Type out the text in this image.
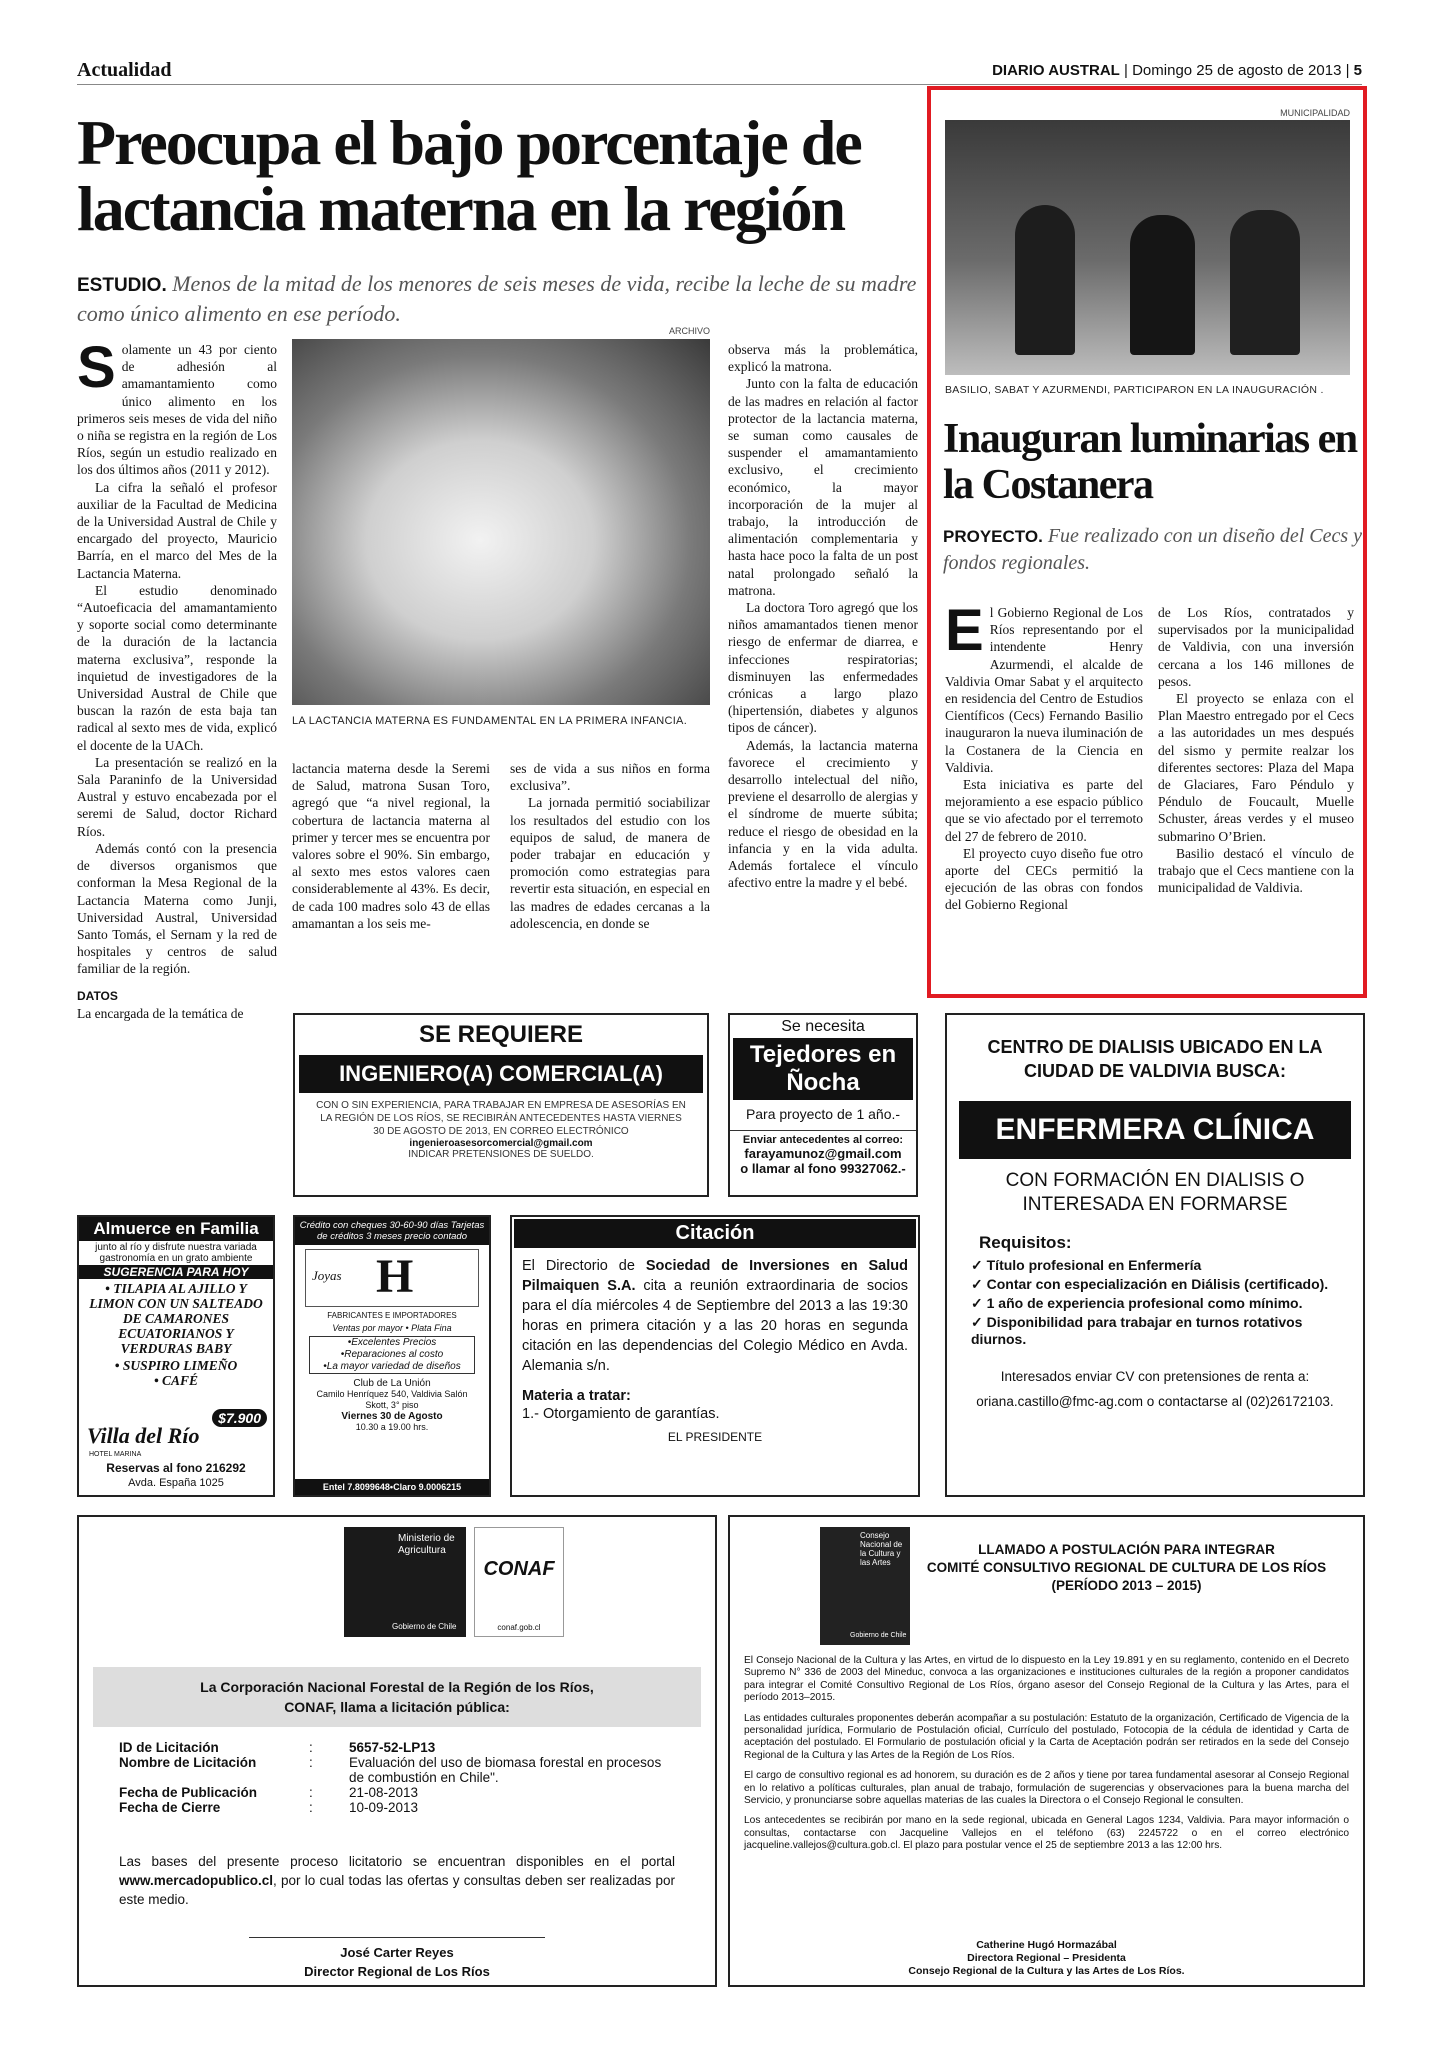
Actualidad	DIARIO AUSTRAL | Domingo 25 de agosto de 2013 | 5
Preocupa el bajo porcentaje de lactancia materna en la región
ESTUDIO. Menos de la mitad de los menores de seis meses de vida, recibe la leche de su madre como único alimento en ese período.
ARCHIVO
LA LACTANCIA MATERNA ES FUNDAMENTAL EN LA PRIMERA INFANCIA.

Solamente un 43 por ciento de adhesión al amamantamiento como único alimento en los primeros seis meses de vida del niño o niña se registra en la región de Los Ríos, según un estudio realizado en los dos últimos años (2011 y 2012).

La cifra la señaló el profesor auxiliar de la Facultad de Medicina de la Universidad Austral de Chile y encargado del proyecto, Mauricio Barría, en el marco del Mes de la Lactancia Materna.

El estudio denominado “Autoeficacia del amamantamiento y soporte social como determinante de la duración de la lactancia materna exclusiva”, responde la inquietud de investigadores de la Universidad Austral de Chile que buscan la razón de esta baja tan radical al sexto mes de vida, explicó el docente de la UACh.

La presentación se realizó en la Sala Paraninfo de la Universidad Austral y estuvo encabezada por el seremi de Salud, doctor Richard Ríos.

Además contó con la presencia de diversos organismos que conforman la Mesa Regional de la Lactancia Materna como Junji, Universidad Austral, Universidad Santo Tomás, el Sernam y la red de hospitales y centros de salud familiar de la región.

DATOS

La encargada de la temática de

lactancia materna desde la Seremi de Salud, matrona Susan Toro, agregó que “a nivel regional, la cobertura de lactancia materna al primer y tercer mes se encuentra por valores sobre el 90%. Sin embargo, al sexto mes estos valores caen considerablemente al 43%. Es decir, de cada 100 madres solo 43 de ellas amamantan a los seis me-

ses de vida a sus niños en forma exclusiva”.

La jornada permitió sociabilizar los resultados del estudio con los equipos de salud, de manera de poder trabajar en educación y promoción como estrategias para revertir esta situación, en especial en las madres de edades cercanas a la adolescencia, en donde se

observa más la problemática, explicó la matrona.

Junto con la falta de educación de las madres en relación al factor protector de la lactancia materna, se suman como causales de suspender el amamantamiento exclusivo, el crecimiento económico, la mayor incorporación de la mujer al trabajo, la introducción de alimentación complementaria y hasta hace poco la falta de un post natal prolongado señaló la matrona.

La doctora Toro agregó que los niños amamantados tienen menor riesgo de enfermar de diarrea, e infecciones respiratorias; disminuyen las enfermedades crónicas a largo plazo (hipertensión, diabetes y algunos tipos de cáncer).

Además, la lactancia materna favorece el crecimiento y desarrollo intelectual del niño, previene el desarrollo de alergias y el síndrome de muerte súbita; reduce el riesgo de obesidad en la infancia y en la vida adulta. Además fortalece el vínculo afectivo entre la madre y el bebé.

MUNICIPALIDAD
BASILIO, SABAT Y AZURMENDI, PARTICIPARON EN LA INAUGURACIÓN .
Inauguran luminarias en la Costanera
PROYECTO. Fue realizado con un diseño del Cecs y fondos regionales.

El Gobierno Regional de Los Ríos representando por el intendente Henry Azurmendi, el alcalde de Valdivia Omar Sabat y el arquitecto en residencia del Centro de Estudios Científicos (Cecs) Fernando Basilio inauguraron la nueva iluminación de la Costanera de la Ciencia en Valdivia.

Esta iniciativa es parte del mejoramiento a ese espacio público que se vio afectado por el terremoto del 27 de febrero de 2010.

El proyecto cuyo diseño fue otro aporte del CECs permitió la ejecución de las obras con fondos del Gobierno Regional

de Los Ríos, contratados y supervisados por la municipalidad de Valdivia, con una inversión cercana a los 146 millones de pesos.

El proyecto se enlaza con el Plan Maestro entregado por el Cecs a las autoridades un mes después del sismo y permite realzar los diferentes sectores: Plaza del Mapa de Glaciares, Faro Péndulo y Péndulo de Foucault, Muelle Schuster, áreas verdes y el museo submarino O’Brien.

Basilio destacó el vínculo de trabajo que el Cecs mantiene con la municipalidad de Valdivia.

SE REQUIERE
INGENIERO(A) COMERCIAL(A)
CON O SIN EXPERIENCIA, PARA TRABAJAR EN EMPRESA DE ASESORÍAS EN LA REGIÓN DE LOS RÍOS, SE RECIBIRÁN ANTECEDENTES HASTA VIERNES 30 DE AGOSTO DE 2013, EN CORREO ELECTRÓNICO
ingenieroasesorcomercial@gmail.com
INDICAR PRETENSIONES DE SUELDO.
Se necesita
Tejedores en Ñocha
Para proyecto de 1 año.-
Enviar antecedentes al correo:
farayamunoz@gmail.com
o llamar al fono 99327062.-
CENTRO DE DIALISIS UBICADO EN LA CIUDAD DE VALDIVIA BUSCA:
ENFERMERA CLÍNICA
CON FORMACIÓN EN DIALISIS O INTERESADA EN FORMARSE
Requisitos:
✓ Título profesional en Enfermería
✓ Contar con especialización en Diálisis (certificado).
✓ 1 año de experiencia profesional como mínimo.
✓ Disponibilidad para trabajar en turnos rotativos diurnos.
Interesados enviar CV con pretensiones de renta a:
oriana.castillo@fmc-ag.com o contactarse al (02)26172103.
Almuerce en Familia
junto al río y disfrute nuestra variada gastronomía en un grato ambiente
SUGERENCIA PARA HOY
• TILAPIA AL AJILLO Y LIMON CON UN SALTEADO DE CAMARONES ECUATORIANOS Y VERDURAS BABY
• SUSPIRO LIMEÑO
• CAFÉ
$7.900
Villa del Río
HOTEL MARINA
Reservas al fono 216292
Avda. España 1025
Crédito con cheques 30-60-90 días Tarjetas de créditos 3 meses precio contado
Joyas H
FABRICANTES E IMPORTADORES
Ventas por mayor • Plata Fina
•Excelentes Precios
•Reparaciones al costo
•La mayor variedad de diseños
Club de La Unión
Camilo Henríquez 540, Valdivia Salón Skott, 3° piso
Viernes 30 de Agosto
10.30 a 19.00 hrs.
Entel 7.8099648•Claro 9.0006215
Citación
El Directorio de Sociedad de Inversiones en Salud Pilmaiquen S.A. cita a reunión extraordinaria de socios para el día miércoles 4 de Septiembre del 2013 a las 19:30 horas en primera citación y a las 20 horas en segunda citación en las dependencias del Colegio Médico en Avda. Alemania s/n.
Materia a tratar:
1.- Otorgamiento de garantías.
EL PRESIDENTE
Ministerio de Agricultura
Gobierno de Chile
CONAF
conaf.gob.cl
La Corporación Nacional Forestal de la Región de los Ríos, CONAF, llama a licitación pública:
ID de Licitación	:	5657-52-LP13
Nombre de Licitación	:	Evaluación del uso de biomasa forestal en procesos de combustión en Chile".
Fecha de Publicación	:	21-08-2013
Fecha de Cierre	:	10-09-2013
Las bases del presente proceso licitatorio se encuentran disponibles en el portal www.mercadopublico.cl, por lo cual todas las ofertas y consultas deben ser realizadas por este medio.
José Carter Reyes
Director Regional de Los Ríos
Consejo Nacional de la Cultura y las Artes
Gobierno de Chile
LLAMADO A POSTULACIÓN PARA INTEGRAR
COMITÉ CONSULTIVO REGIONAL DE CULTURA DE LOS RÍOS
(PERÍODO 2013 – 2015)

El Consejo Nacional de la Cultura y las Artes, en virtud de lo dispuesto en la Ley 19.891 y en su reglamento, contenido en el Decreto Supremo N° 336 de 2003 del Mineduc, convoca a las organizaciones e instituciones culturales de la región a proponer candidatos para integrar el Comité Consultivo Regional de Los Ríos, órgano asesor del Consejo Regional de la Cultura y las Artes, para el período 2013–2015.

Las entidades culturales proponentes deberán acompañar a su postulación: Estatuto de la organización, Certificado de Vigencia de la personalidad jurídica, Formulario de Postulación oficial, Currículo del postulado, Fotocopia de la cédula de identidad y Carta de aceptación del postulado. El Formulario de postulación oficial y la Carta de Aceptación podrán ser retirados en la sede del Consejo Regional de la Cultura y las Artes de la Región de Los Ríos.

El cargo de consultivo regional es ad honorem, su duración es de 2 años y tiene por tarea fundamental asesorar al Consejo Regional en lo relativo a políticas culturales, plan anual de trabajo, formulación de sugerencias y observaciones para la buena marcha del Servicio, y pronunciarse sobre aquellas materias de las cuales la Directora o el Consejo Regional le consulten.

Los antecedentes se recibirán por mano en la sede regional, ubicada en General Lagos 1234, Valdivia. Para mayor información o consultas, contactarse con Jacqueline Vallejos en el teléfono (63) 2245722 o en el correo electrónico jacqueline.vallejos@cultura.gob.cl. El plazo para postular vence el 25 de septiembre 2013 a las 12:00 hrs.

Catherine Hugó Hormazábal
Directora Regional – Presidenta
Consejo Regional de la Cultura y las Artes de Los Ríos.
